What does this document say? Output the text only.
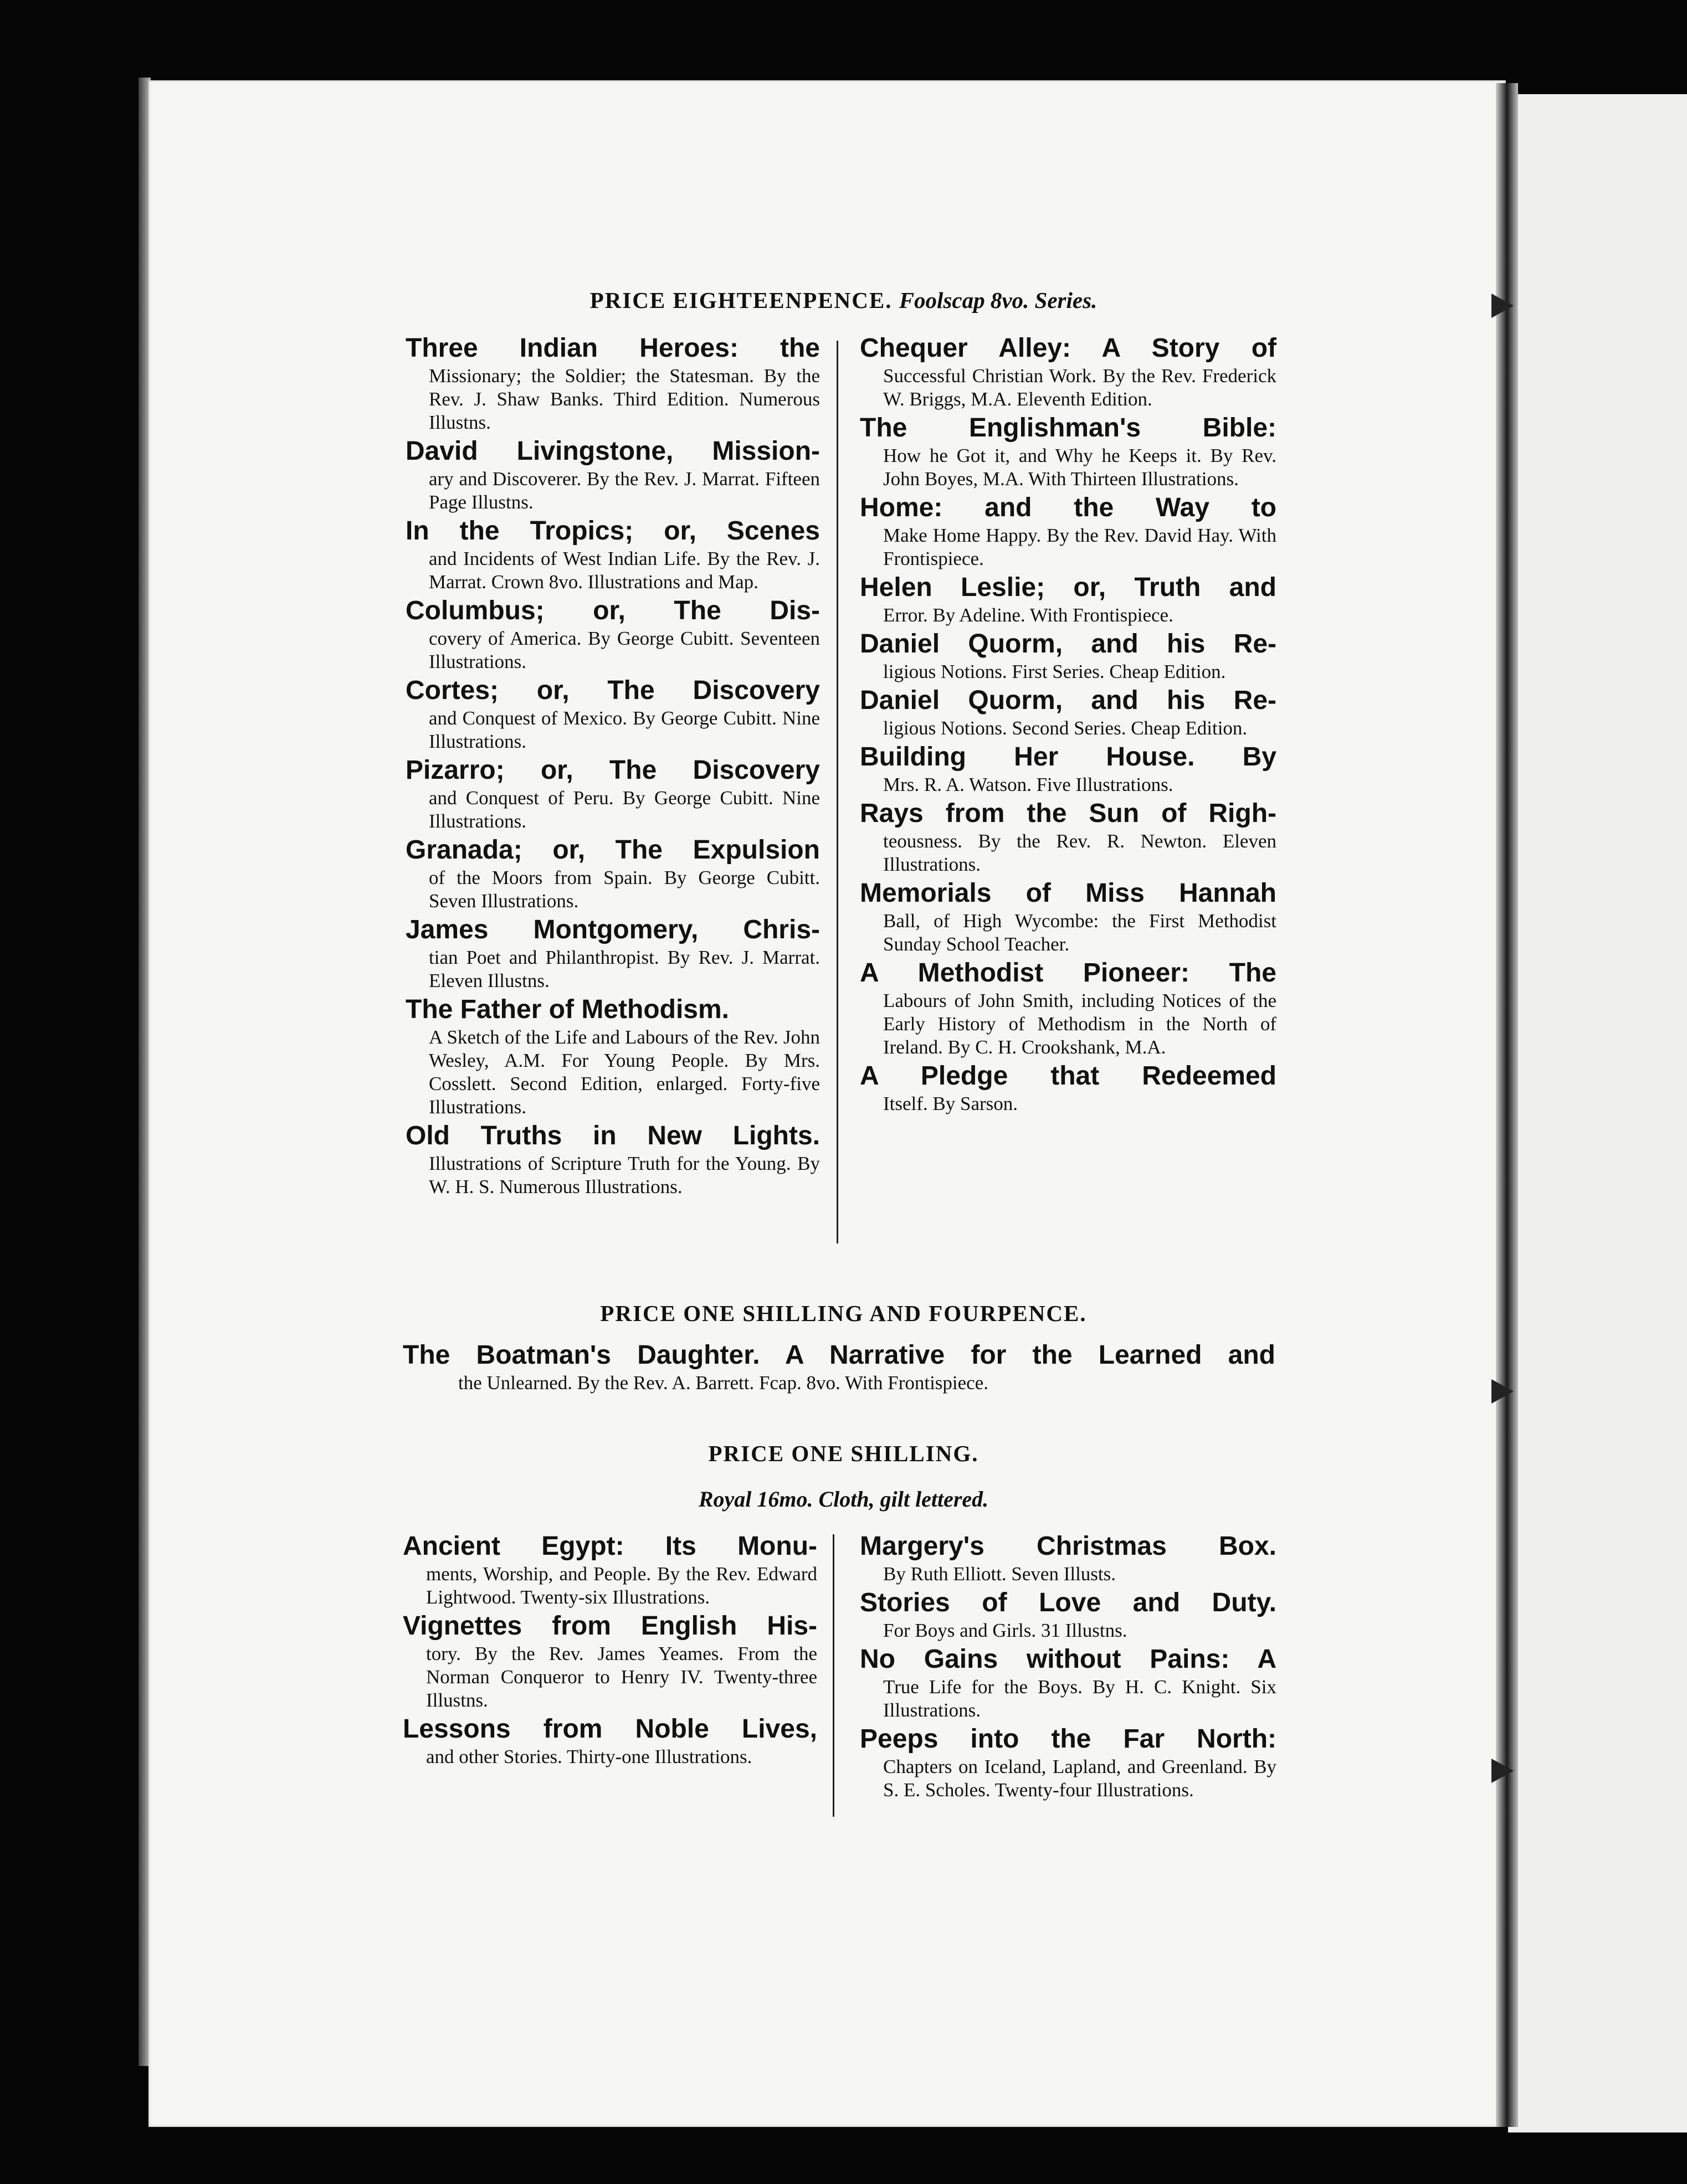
PRICE EIGHTEENPENCE. Foolscap 8vo. Series.
Three Indian Heroes: the
Missionary; the Soldier; the Statesman. By the Rev. J. Shaw Banks. Third Edition. Numerous Illustns.
David Livingstone, Mission-
ary and Discoverer. By the Rev. J. Marrat. Fifteen Page Illustns.
In the Tropics; or, Scenes
and Incidents of West Indian Life. By the Rev. J. Marrat. Crown 8vo. Illustrations and Map.
Columbus; or, The Dis-
covery of America. By George Cubitt. Seventeen Illustrations.
Cortes; or, The Discovery
and Conquest of Mexico. By George Cubitt. Nine Illustrations.
Pizarro; or, The Discovery
and Conquest of Peru. By George Cubitt. Nine Illustrations.
Granada; or, The Expulsion
of the Moors from Spain. By George Cubitt. Seven Illustrations.
James Montgomery, Chris-
tian Poet and Philanthropist. By Rev. J. Marrat. Eleven Illustns.
The Father of Methodism.
A Sketch of the Life and Labours of the Rev. John Wesley, A.M. For Young People. By Mrs. Cosslett. Second Edition, enlarged. Forty-five Illustrations.
Old Truths in New Lights.
Illustrations of Scripture Truth for the Young. By W. H. S. Numerous Illustrations.
Chequer Alley: A Story of
Successful Christian Work. By the Rev. Frederick W. Briggs, M.A. Eleventh Edition.
The Englishman's Bible:
How he Got it, and Why he Keeps it. By Rev. John Boyes, M.A. With Thirteen Illustrations.
Home: and the Way to
Make Home Happy. By the Rev. David Hay. With Frontispiece.
Helen Leslie; or, Truth and
Error. By Adeline. With Frontispiece.
Daniel Quorm, and his Re-
ligious Notions. First Series. Cheap Edition.
Daniel Quorm, and his Re-
ligious Notions. Second Series. Cheap Edition.
Building Her House. By
Mrs. R. A. Watson. Five Illustrations.
Rays from the Sun of Righ-
teousness. By the Rev. R. Newton. Eleven Illustrations.
Memorials of Miss Hannah
Ball, of High Wycombe: the First Methodist Sunday School Teacher.
A Methodist Pioneer: The
Labours of John Smith, including Notices of the Early History of Methodism in the North of Ireland. By C. H. Crookshank, M.A.
A Pledge that Redeemed
Itself. By Sarson.
PRICE ONE SHILLING AND FOURPENCE.
The Boatman's Daughter. A Narrative for the Learned and
the Unlearned. By the Rev. A. Barrett. Fcap. 8vo. With Frontispiece.
PRICE ONE SHILLING.
Royal 16mo. Cloth, gilt lettered.
Ancient Egypt: Its Monu-
ments, Worship, and People. By the Rev. Edward Lightwood. Twenty-six Illustrations.
Vignettes from English His-
tory. By the Rev. James Yeames. From the Norman Conqueror to Henry IV. Twenty-three Illustns.
Lessons from Noble Lives,
and other Stories. Thirty-one Illustrations.
Margery's Christmas Box.
By Ruth Elliott. Seven Illusts.
Stories of Love and Duty.
For Boys and Girls. 31 Illustns.
No Gains without Pains: A
True Life for the Boys. By H. C. Knight. Six Illustrations.
Peeps into the Far North:
Chapters on Iceland, Lapland, and Greenland. By S. E. Scholes. Twenty-four Illustrations.
